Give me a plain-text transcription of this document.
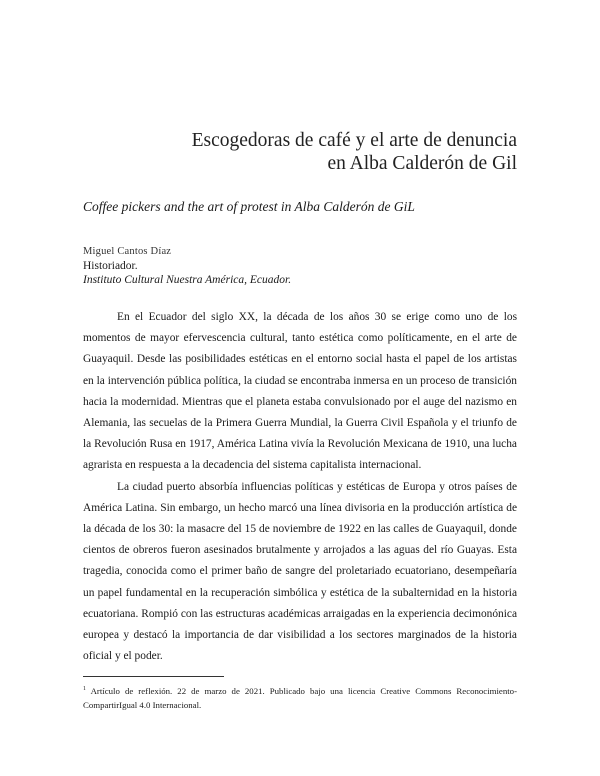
Escogedoras de café y el arte de denuncia
en Alba Calderón de Gil
Coffee pickers and the art of protest in Alba Calderón de GiL
Miguel Cantos Díaz
Historiador.
Instituto Cultural Nuestra América, Ecuador.

En el Ecuador del siglo XX, la década de los años 30 se erige como uno de los momentos de mayor efervescencia cultural, tanto estética como políticamente, en el arte de Guayaquil. Desde las posibilidades estéticas en el entorno social hasta el papel de los artistas en la intervención pública política, la ciudad se encontraba inmersa en un proceso de transición hacia la modernidad. Mientras que el planeta estaba convulsionado por el auge del nazismo en Alemania, las secuelas de la Primera Guerra Mundial, la Guerra Civil Española y el triunfo de la Revolución Rusa en 1917, América Latina vivía la Revolución Mexicana de 1910, una lucha agrarista en respuesta a la decadencia del sistema capitalista internacional.

La ciudad puerto absorbía influencias políticas y estéticas de Europa y otros países de América Latina. Sin embargo, un hecho marcó una línea divisoria en la producción artística de la década de los 30: la masacre del 15 de noviembre de 1922 en las calles de Guayaquil, donde cientos de obreros fueron asesinados brutalmente y arrojados a las aguas del río Guayas. Esta tragedia, conocida como el primer baño de sangre del proletariado ecuatoriano, desempeñaría un papel fundamental en la recuperación simbólica y estética de la subalternidad en la historia ecuatoriana. Rompió con las estructuras académicas arraigadas en la experiencia decimonónica europea y destacó la importancia de dar visibilidad a los sectores marginados de la historia oficial y el poder.

$^1$ Artículo de reflexión. 22 de marzo de 2021. Publicado bajo una licencia Creative Commons Reconocimiento-CompartirIgual 4.0 Internacional.
